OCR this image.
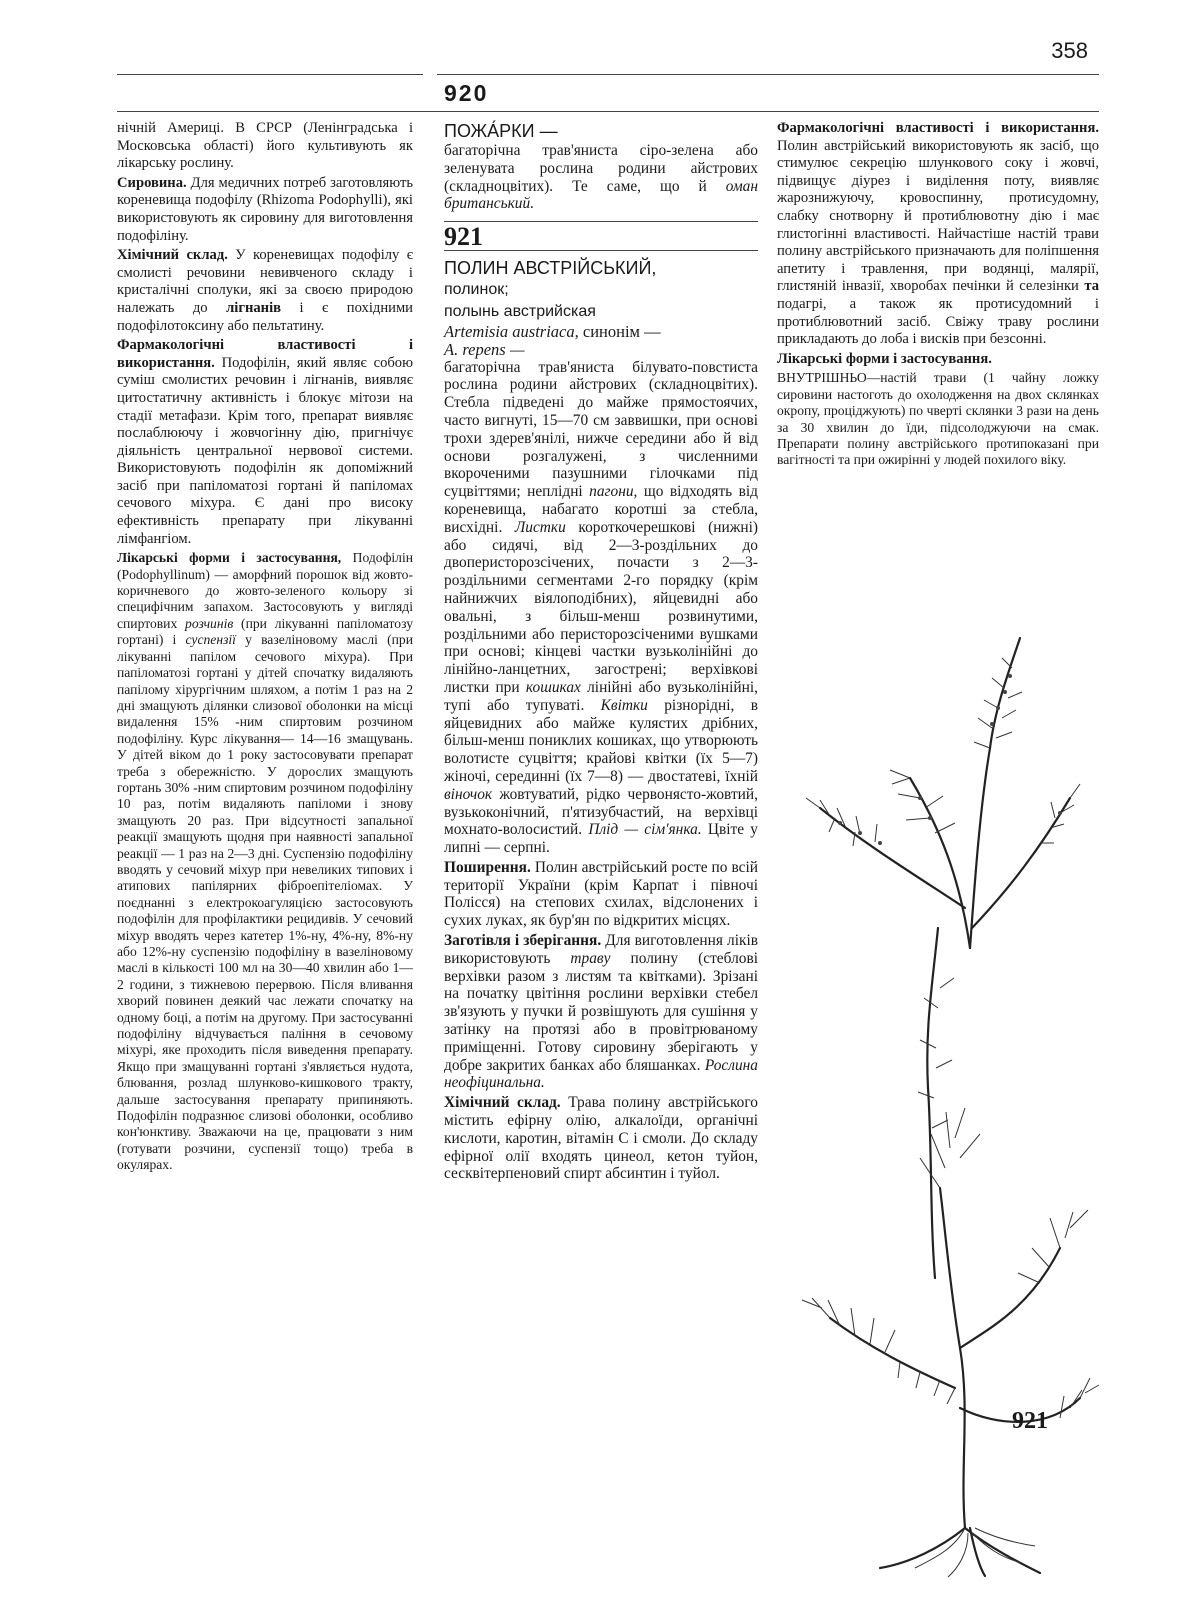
358
920

нічній Америці. В СРСР (Ленінградська і Московська області) його культивують як лікарську рослину.

Сировина. Для медичних потреб заготовляють кореневища подофілу (Rhizoma Podophylli), які використовують як сировину для виготовлення подофіліну.

Хімічний склад. У кореневищах подофілу є смолисті речовини невивченого складу і кристалічні сполуки, які за своєю природою належать до лігнанів і є похідними подофілотоксину або пельтатину.

Фармакологічні властивості і використання. Подофілін, який являє собою суміш смолистих речовин і лігнанів, виявляє цитостатичну активність і блокує мітози на стадії метафази. Крім того, препарат виявляє послаблюючу і жовчогінну дію, пригнічує діяльність центральної нервової системи. Використовують подофілін як допоміжний засіб при папіломатозі гортані й папіломах сечового міхура. Є дані про високу ефективність препарату при лікуванні лімфангіом.

Лікарські форми і застосування, Подофілін (Podophyllinum) — аморфний порошок від жовто-коричневого до жовто-зеленого кольору зі специфічним запахом. Застосовують у вигляді спиртових розчинів (при лікуванні папіломатозу гортані) і суспензії у вазеліновому маслі (при лікуванні папілом сечового міхура). При папіломатозі гортані у дітей спочатку видаляють папілому хірургічним шляхом, а потім 1 раз на 2 дні змащують ділянки слизової оболонки на місці видалення 15% -ним спиртовим розчином подофіліну. Курс лікування— 14—16 змащувань. У дітей віком до 1 року застосовувати препарат треба з обережністю. У дорослих змащують гортань 30% -ним спиртовим розчином подофіліну 10 раз, потім видаляють папіломи і знову змащують 20 раз. При відсутності запальної реакції змащують щодня при наявності запальної реакції — 1 раз на 2—3 дні. Суспензію подофіліну вводять у сечовий міхур при невеликих типових і атипових папілярних фіброепітеліомах. У поєднанні з електрокоагуляцією застосовують подофілін для профілактики рецидивів. У сечовий міхур вводять через катетер 1%-ну, 4%-ну, 8%-ну або 12%-ну суспензію подофіліну в вазеліновому маслі в кількості 100 мл на 30—40 хвилин або 1—2 години, з тижневою перервою. Після вливання хворий повинен деякий час лежати спочатку на одному боці, а потім на другому. При застосуванні подофіліну відчувається паління в сечовому міхурі, яке проходить після виведення препарату. Якщо при змащуванні гортані з'являється нудота, блювання, розлад шлунково-кишкового тракту, дальше застосування препарату припиняють. Подофілін подразнює слизові оболонки, особливо кон'юнктиву. Зважаючи на це, працювати з ним (готувати розчини, суспензії тощо) треба в окулярах.

ПОЖА́РКИ —

багаторічна трав'яниста сіро-зелена або зеленувата рослина родини айстрових (складноцвітих). Те саме, що й оман британський.

921
ПОЛИН АВСТРІЙСЬКИЙ,
полинок;
полынь австрийская
Artemisia austriaca, синонім —
A. repens —

багаторічна трав'яниста білувато-повстиста рослина родини айстрових (складноцвітих). Стебла підведені до майже прямостоячих, часто вигнуті, 15—70 см заввишки, при основі трохи здерев'янілі, нижче середини або й від основи розгалужені, з численними вкороченими пазушними гілочками під суцвіттями; неплідні пагони, що відходять від кореневища, набагато коротші за стебла, висхідні. Листки короткочерешкові (нижні) або сидячі, від 2—3-роздільних до двоперисторозсічених, почасти з 2—3-роздільними сегментами 2-го порядку (крім найнижчих віялоподібних), яйцевидні або овальні, з більш-менш розвинутими, роздільними або перисторозсіченими вушками при основі; кінцеві частки вузьколінійні до лінійно-ланцетних, загострені; верхівкові листки при кошиках лінійні або вузьколінійні, тупі або тупуваті. Квітки різнорідні, в яйцевидних або майже кулястих дрібних, більш-менш пониклих кошиках, що утворюють волотисте суцвіття; крайові квітки (їх 5—7) жіночі, серединні (їх 7—8) — двостатеві, їхній віночок жовтуватий, рідко червонясто-жовтий, вузькоконічний, п'ятизубчастий, на верхівці мохнато-волосистий. Плід — сім'янка. Цвіте у липні — серпні.

Поширення. Полин австрійський росте по всій території України (крім Карпат і півночі Полісся) на степових схилах, відслонених і сухих луках, як бур'ян по відкритих місцях.

Заготівля і зберігання. Для виготовлення ліків використовують траву полину (стеблові верхівки разом з листям та квітками). Зрізані на початку цвітіння рослини верхівки стебел зв'язують у пучки й розвішують для сушіння у затінку на протязі або в провітрюваному приміщенні. Готову сировину зберігають у добре закритих банках або бляшанках. Рослина неофіцинальна.

Хімічний склад. Трава полину австрійського містить ефірну олію, алкалоїди, органічні кислоти, каротин, вітамін С і смоли. До складу ефірної олії входять цинеол, кетон туйон, сесквітерпеновий спирт абсинтин і туйол.

Фармакологічні властивості і використання. Полин австрійський використовують як засіб, що стимулює секрецію шлункового соку і жовчі, підвищує діурез і виділення поту, виявляє жарознижуючу, кровоспинну, протисудомну, слабку снотворну й протиблювотну дію і має глистогінні властивості. Найчастіше настій трави полину австрійського призначають для поліпшення апетиту і травлення, при водянці, малярії, глистяній інвазії, хворобах печінки й селезінки та подагрі, а також як протисудомний і протиблювотний засіб. Свіжу траву рослини прикладають до лоба і висків при безсонні.

Лікарські форми і застосування.

ВНУТРІШНЬО—настій трави (1 чайну ложку сировини настоготь до охолодження на двох склянках окропу, проціджують) по чверті склянки 3 рази на день за 30 хвилин до їди, підсолоджуючи на смак. Препарати полину австрійського протипоказані при вагітності та при ожирінні у людей похилого віку.

921
